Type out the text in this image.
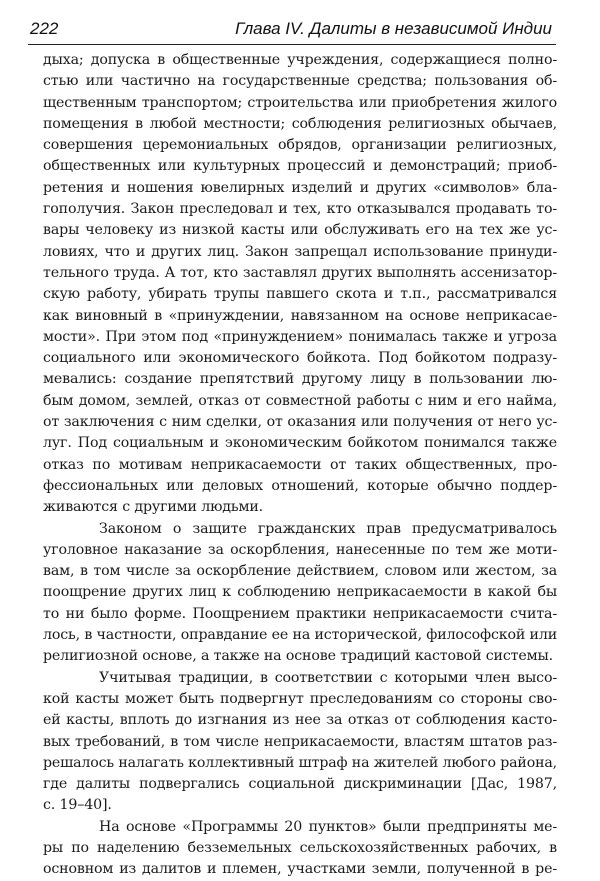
222	Глава IV. Далиты в независимой Индии
дыха; допуска в общественные учреждения, содержащиеся полно-
стью или частично на государственные средства; пользования об-
щественным транспортом; строительства или приобретения жилого
помещения в любой местности; соблюдения религиозных обычаев,
совершения церемониальных обрядов, организации религиозных,
общественных или культурных процессий и демонстраций; приоб-
ретения и ношения ювелирных изделий и других «символов» бла-
гополучия. Закон преследовал и тех, кто отказывался продавать то-
вары человеку из низкой касты или обслуживать его на тех же ус-
ловиях, что и других лиц. Закон запрещал использование принуди-
тельного труда. А тот, кто заставлял других выполнять ассенизатор-
скую работу, убирать трупы павшего скота и т.п., рассматривался
как виновный в «принуждении, навязанном на основе неприкасае-
мости». При этом под «принуждением» понималась также и угроза
социального или экономического бойкота. Под бойкотом подразу-
мевались: создание препятствий другому лицу в пользовании лю-
бым домом, землей, отказ от совместной работы с ним и его найма,
от заключения с ним сделки, от оказания или получения от него ус-
луг. Под социальным и экономическим бойкотом понимался также
отказ по мотивам неприкасаемости от таких общественных, про-
фессиональных или деловых отношений, которые обычно поддер-
живаются с другими людьми.
Законом о защите гражданских прав предусматривалось
уголовное наказание за оскорбления, нанесенные по тем же моти-
вам, в том числе за оскорбление действием, словом или жестом, за
поощрение других лиц к соблюдению неприкасаемости в какой бы
то ни было форме. Поощрением практики неприкасаемости счита-
лось, в частности, оправдание ее на исторической, философской или
религиозной основе, а также на основе традиций кастовой системы.
Учитывая традиции, в соответствии с которыми член высо-
кой касты может быть подвергнут преследованиям со стороны сво-
ей касты, вплоть до изгнания из нее за отказ от соблюдения касто-
вых требований, в том числе неприкасаемости, властям штатов раз-
решалось налагать коллективный штраф на жителей любого района,
где далиты подвергались социальной дискриминации [Дас, 1987,
с. 19–40].
На основе «Программы 20 пунктов» были предприняты ме-
ры по наделению безземельных сельскохозяйственных рабочих, в
основном из далитов и племен, участками земли, полученной в ре-
